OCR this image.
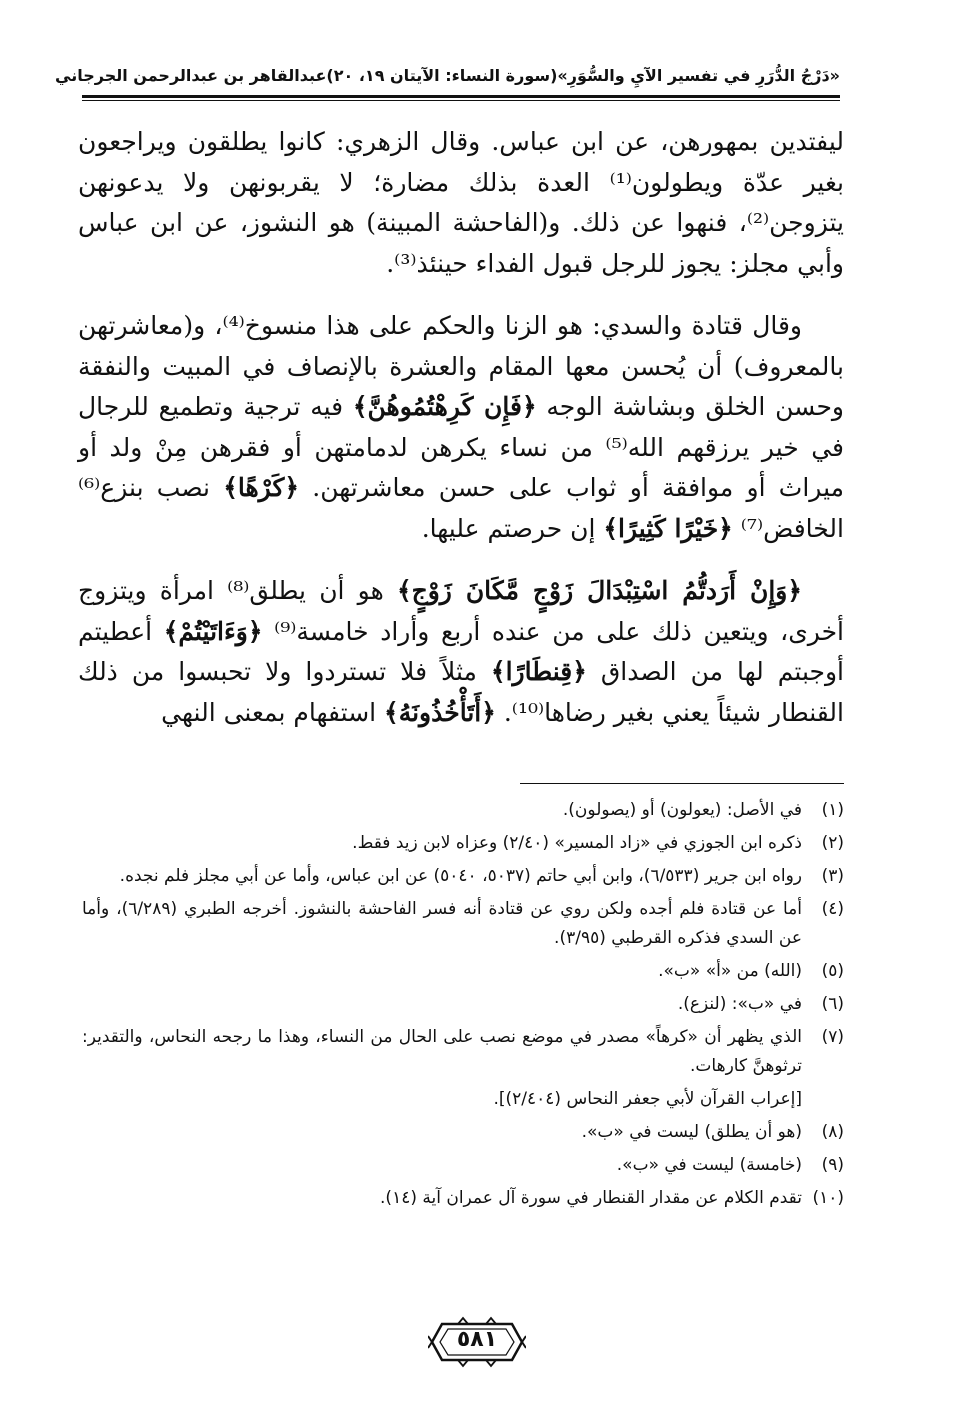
«دَرْجُ الدُّرَرِ في تفسير الآيِ والسُّوَرِ»
(سورة النساء: الآيتان ١٩، ٢٠)
عبدالقاهر بن عبدالرحمن الجرجاني

ليفتدين بمهورهن، عن ابن عباس. وقال الزهري: كانوا يطلقون ويراجعون بغير عدّة ويطولون⁽¹⁾ العدة بذلك مضارة؛ لا يقربونهن ولا يدعونهن يتزوجن⁽²⁾، فنهوا عن ذلك. و(الفاحشة المبينة) هو النشوز، عن ابن عباس وأبي مجلز: يجوز للرجل قبول الفداء حينئذ⁽³⁾.

وقال قتادة والسدي: هو الزنا والحكم على هذا منسوخ⁽⁴⁾، و(معاشرتهن بالمعروف) أن يُحسن معها المقام والعشرة بالإنصاف في المبيت والنفقة وحسن الخلق وبشاشة الوجه ﴿فَإِن كَرِهْتُمُوهُنَّ﴾ فيه ترجية وتطميع للرجال في خير يرزقهم الله⁽⁵⁾ من نساء يكرهن لدمامتهن أو فقرهن مِنْ ولد أو ميراث أو موافقة أو ثواب على حسن معاشرتهن. ﴿كَرْهًا﴾ نصب بنزع⁽⁶⁾ الخافض⁽⁷⁾ ﴿خَيْرًا كَثِيرًا﴾ إن حرصتم عليها.

﴿وَإِنْ أَرَدتُّمُ اسْتِبْدَالَ زَوْجٍ مَّكَانَ زَوْجٍ﴾ هو أن يطلق⁽⁸⁾ امرأة ويتزوج أخرى، ويتعين ذلك على من عنده أربع وأراد خامسة⁽⁹⁾ ﴿وَءَاتَيْتُمْ﴾ أعطيتم أوجبتم لها من الصداق ﴿قِنطَارًا﴾ مثلاً فلا تستردوا ولا تحبسوا من ذلك القنطار شيئاً يعني بغير رضاها⁽¹⁰⁾. ﴿أَتَأْخُذُونَهُ﴾ استفهام بمعنى النهي

(١)
في الأصل: (يعولون) أو (يصولون).
(٢)
ذكره ابن الجوزي في «زاد المسير» (٢/٤٠) وعزاه لابن زيد فقط.
(٣)
رواه ابن جرير (٦/٥٣٣)، وابن أبي حاتم (٥٠٣٧، ٥٠٤٠) عن ابن عباس، وأما عن أبي مجلز فلم نجده.
(٤)
أما عن قتادة فلم أجده ولكن روي عن قتادة أنه فسر الفاحشة بالنشوز. أخرجه الطبري (٦/٢٨٩)، وأما عن السدي فذكره القرطبي (٣/٩٥).
(٥)
(الله) من «أ» «ب».
(٦)
في «ب»: (لنزع).
(٧)
الذي يظهر أن «كرهاً» مصدر في موضع نصب على الحال من النساء، وهذا ما رجحه النحاس، والتقدير: ترثوهنَّ كارهات.
[إعراب القرآن لأبي جعفر النحاس (٢/٤٠٤)].
(٨)
(هو أن يطلق) ليست في «ب».
(٩)
(خامسة) ليست في «ب».
(١٠)
تقدم الكلام عن مقدار القنطار في سورة آل عمران آية (١٤).
٥٨١
